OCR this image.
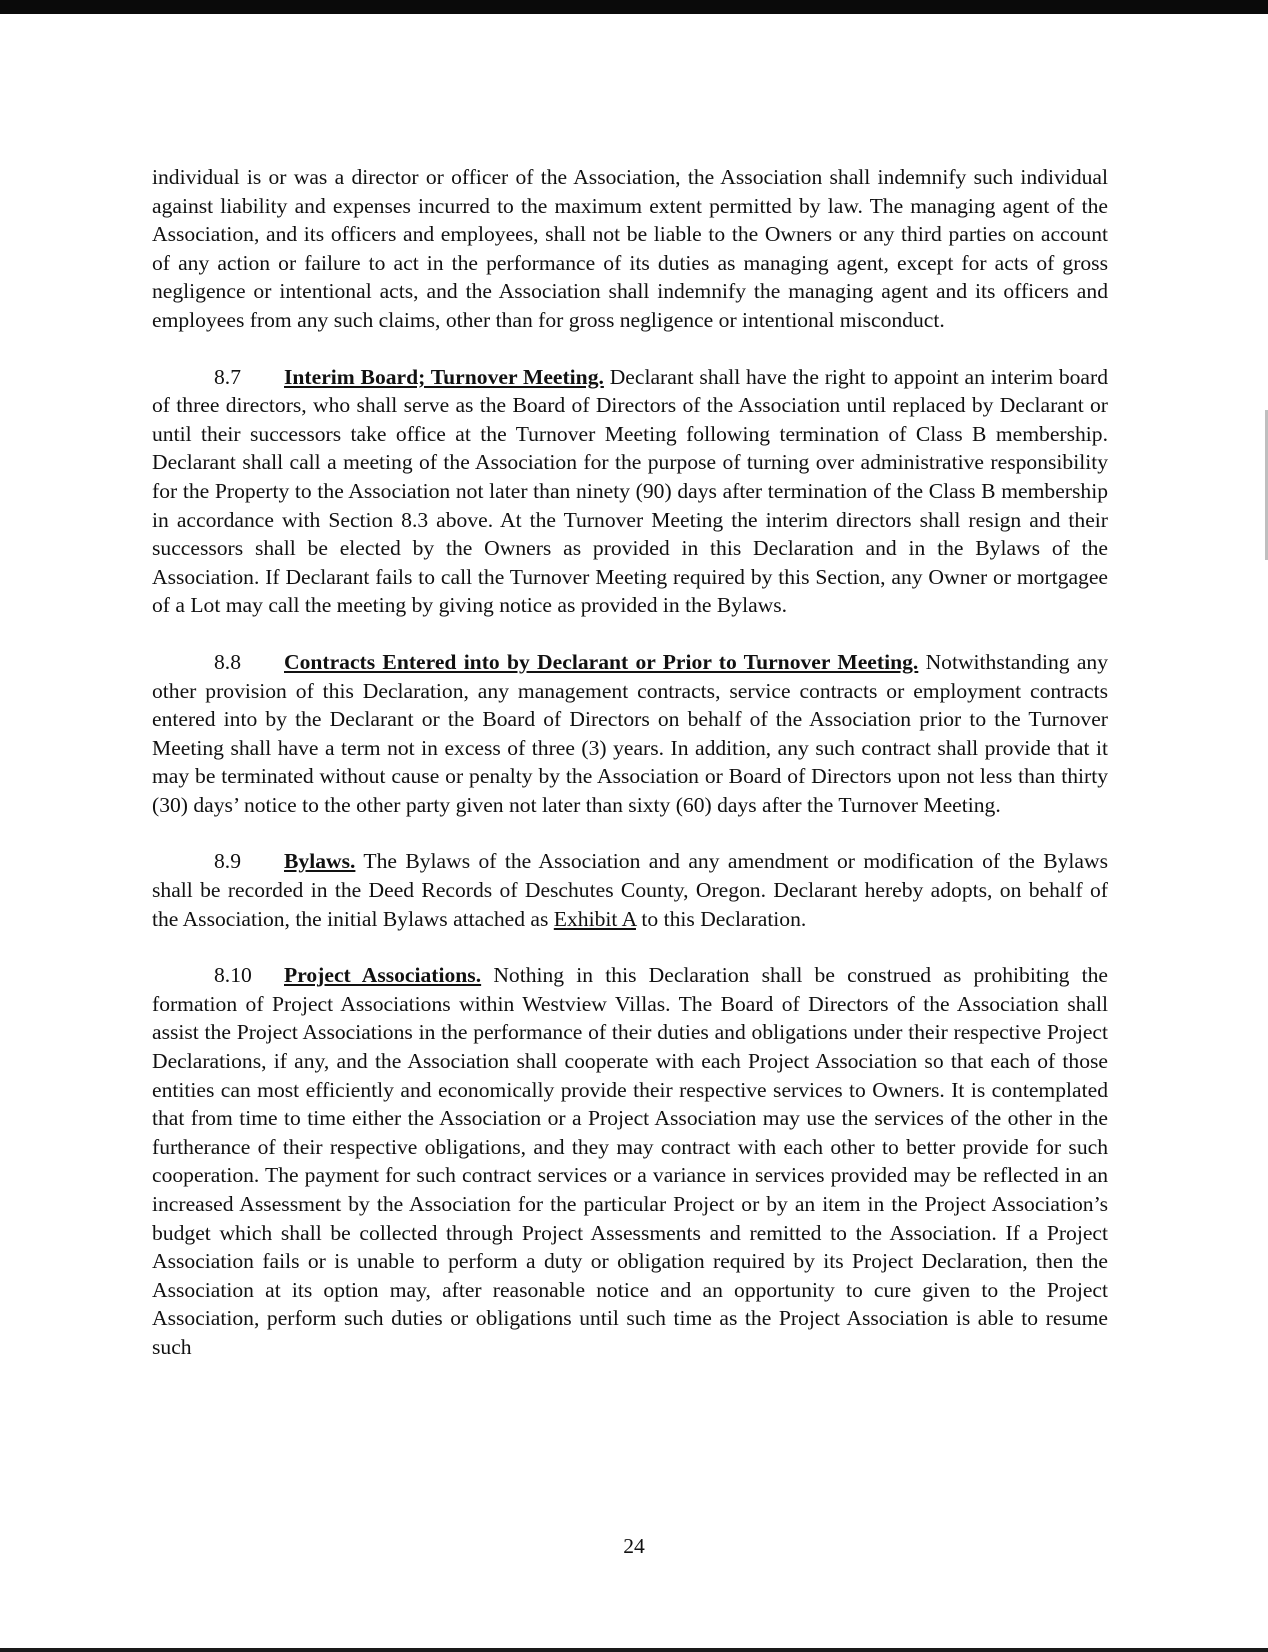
individual is or was a director or officer of the Association, the Association shall indemnify such individual against liability and expenses incurred to the maximum extent permitted by law. The managing agent of the Association, and its officers and employees, shall not be liable to the Owners or any third parties on account of any action or failure to act in the performance of its duties as managing agent, except for acts of gross negligence or intentional acts, and the Association shall indemnify the managing agent and its officers and employees from any such claims, other than for gross negligence or intentional misconduct.

8.7 Interim Board; Turnover Meeting. Declarant shall have the right to appoint an interim board of three directors, who shall serve as the Board of Directors of the Association until replaced by Declarant or until their successors take office at the Turnover Meeting following termination of Class B membership. Declarant shall call a meeting of the Association for the purpose of turning over administrative responsibility for the Property to the Association not later than ninety (90) days after termination of the Class B membership in accordance with Section 8.3 above. At the Turnover Meeting the interim directors shall resign and their successors shall be elected by the Owners as provided in this Declaration and in the Bylaws of the Association. If Declarant fails to call the Turnover Meeting required by this Section, any Owner or mortgagee of a Lot may call the meeting by giving notice as provided in the Bylaws.

8.8 Contracts Entered into by Declarant or Prior to Turnover Meeting. Notwithstanding any other provision of this Declaration, any management contracts, service contracts or employment contracts entered into by the Declarant or the Board of Directors on behalf of the Association prior to the Turnover Meeting shall have a term not in excess of three (3) years. In addition, any such contract shall provide that it may be terminated without cause or penalty by the Association or Board of Directors upon not less than thirty (30) days’ notice to the other party given not later than sixty (60) days after the Turnover Meeting.

8.9 Bylaws. The Bylaws of the Association and any amendment or modification of the Bylaws shall be recorded in the Deed Records of Deschutes County, Oregon. Declarant hereby adopts, on behalf of the Association, the initial Bylaws attached as Exhibit A to this Declaration.

8.10 Project Associations. Nothing in this Declaration shall be construed as prohibiting the formation of Project Associations within Westview Villas. The Board of Directors of the Association shall assist the Project Associations in the performance of their duties and obligations under their respective Project Declarations, if any, and the Association shall cooperate with each Project Association so that each of those entities can most efficiently and economically provide their respective services to Owners. It is contemplated that from time to time either the Association or a Project Association may use the services of the other in the furtherance of their respective obligations, and they may contract with each other to better provide for such cooperation. The payment for such contract services or a variance in services provided may be reflected in an increased Assessment by the Association for the particular Project or by an item in the Project Association’s budget which shall be collected through Project Assessments and remitted to the Association. If a Project Association fails or is unable to perform a duty or obligation required by its Project Declaration, then the Association at its option may, after reasonable notice and an opportunity to cure given to the Project Association, perform such duties or obligations until such time as the Project Association is able to resume such

24
